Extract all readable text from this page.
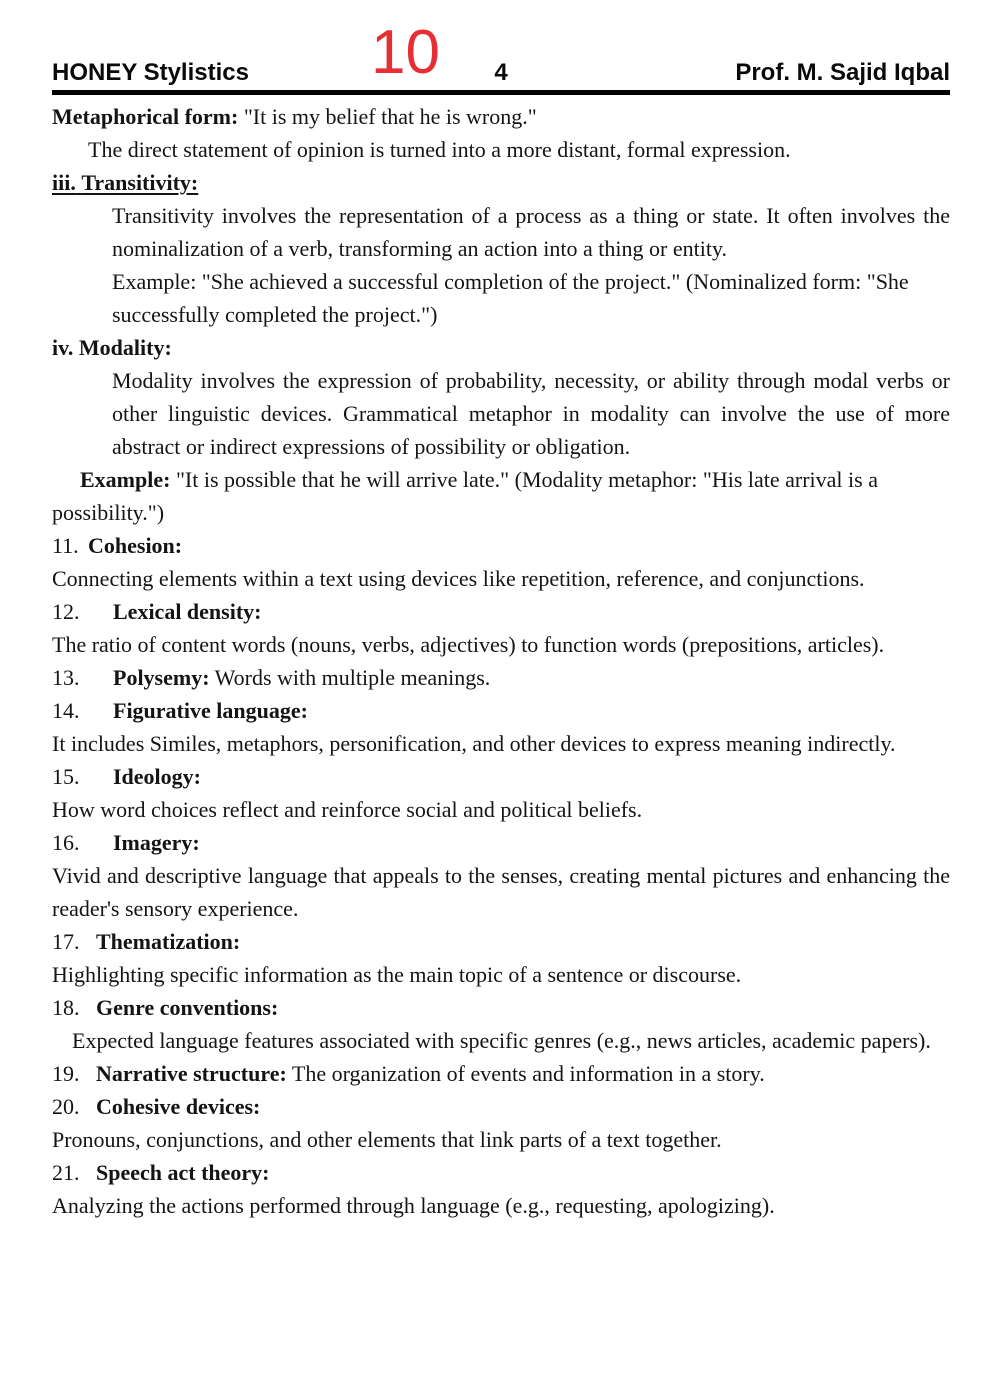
10
HONEY Stylistics	4	Prof. M. Sajid Iqbal

Metaphorical form: "It is my belief that he is wrong."

The direct statement of opinion is turned into a more distant, formal expression.

iii. Transitivity:

Transitivity involves the representation of a process as a thing or state. It often involves the nominalization of a verb, transforming an action into a thing or entity.

Example: "She achieved a successful completion of the project." (Nominalized form: "She successfully completed the project.")

iv. Modality:

Modality involves the expression of probability, necessity, or ability through modal verbs or other linguistic devices. Grammatical metaphor in modality can involve the use of more abstract or indirect expressions of possibility or obligation.

Example: "It is possible that he will arrive late." (Modality metaphor: "His late arrival is a possibility.")

11. Cohesion:

Connecting elements within a text using devices like repetition, reference, and conjunctions.

12. Lexical density:

The ratio of content words (nouns, verbs, adjectives) to function words (prepositions, articles).

13. Polysemy: Words with multiple meanings.

14. Figurative language:

It includes Similes, metaphors, personification, and other devices to express meaning indirectly.

15. Ideology:

How word choices reflect and reinforce social and political beliefs.

16. Imagery:

Vivid and descriptive language that appeals to the senses, creating mental pictures and enhancing the reader's sensory experience.

17. Thematization:

Highlighting specific information as the main topic of a sentence or discourse.

18. Genre conventions:

Expected language features associated with specific genres (e.g., news articles, academic papers).

19. Narrative structure: The organization of events and information in a story.

20. Cohesive devices:

Pronouns, conjunctions, and other elements that link parts of a text together.

21. Speech act theory:

Analyzing the actions performed through language (e.g., requesting, apologizing).
